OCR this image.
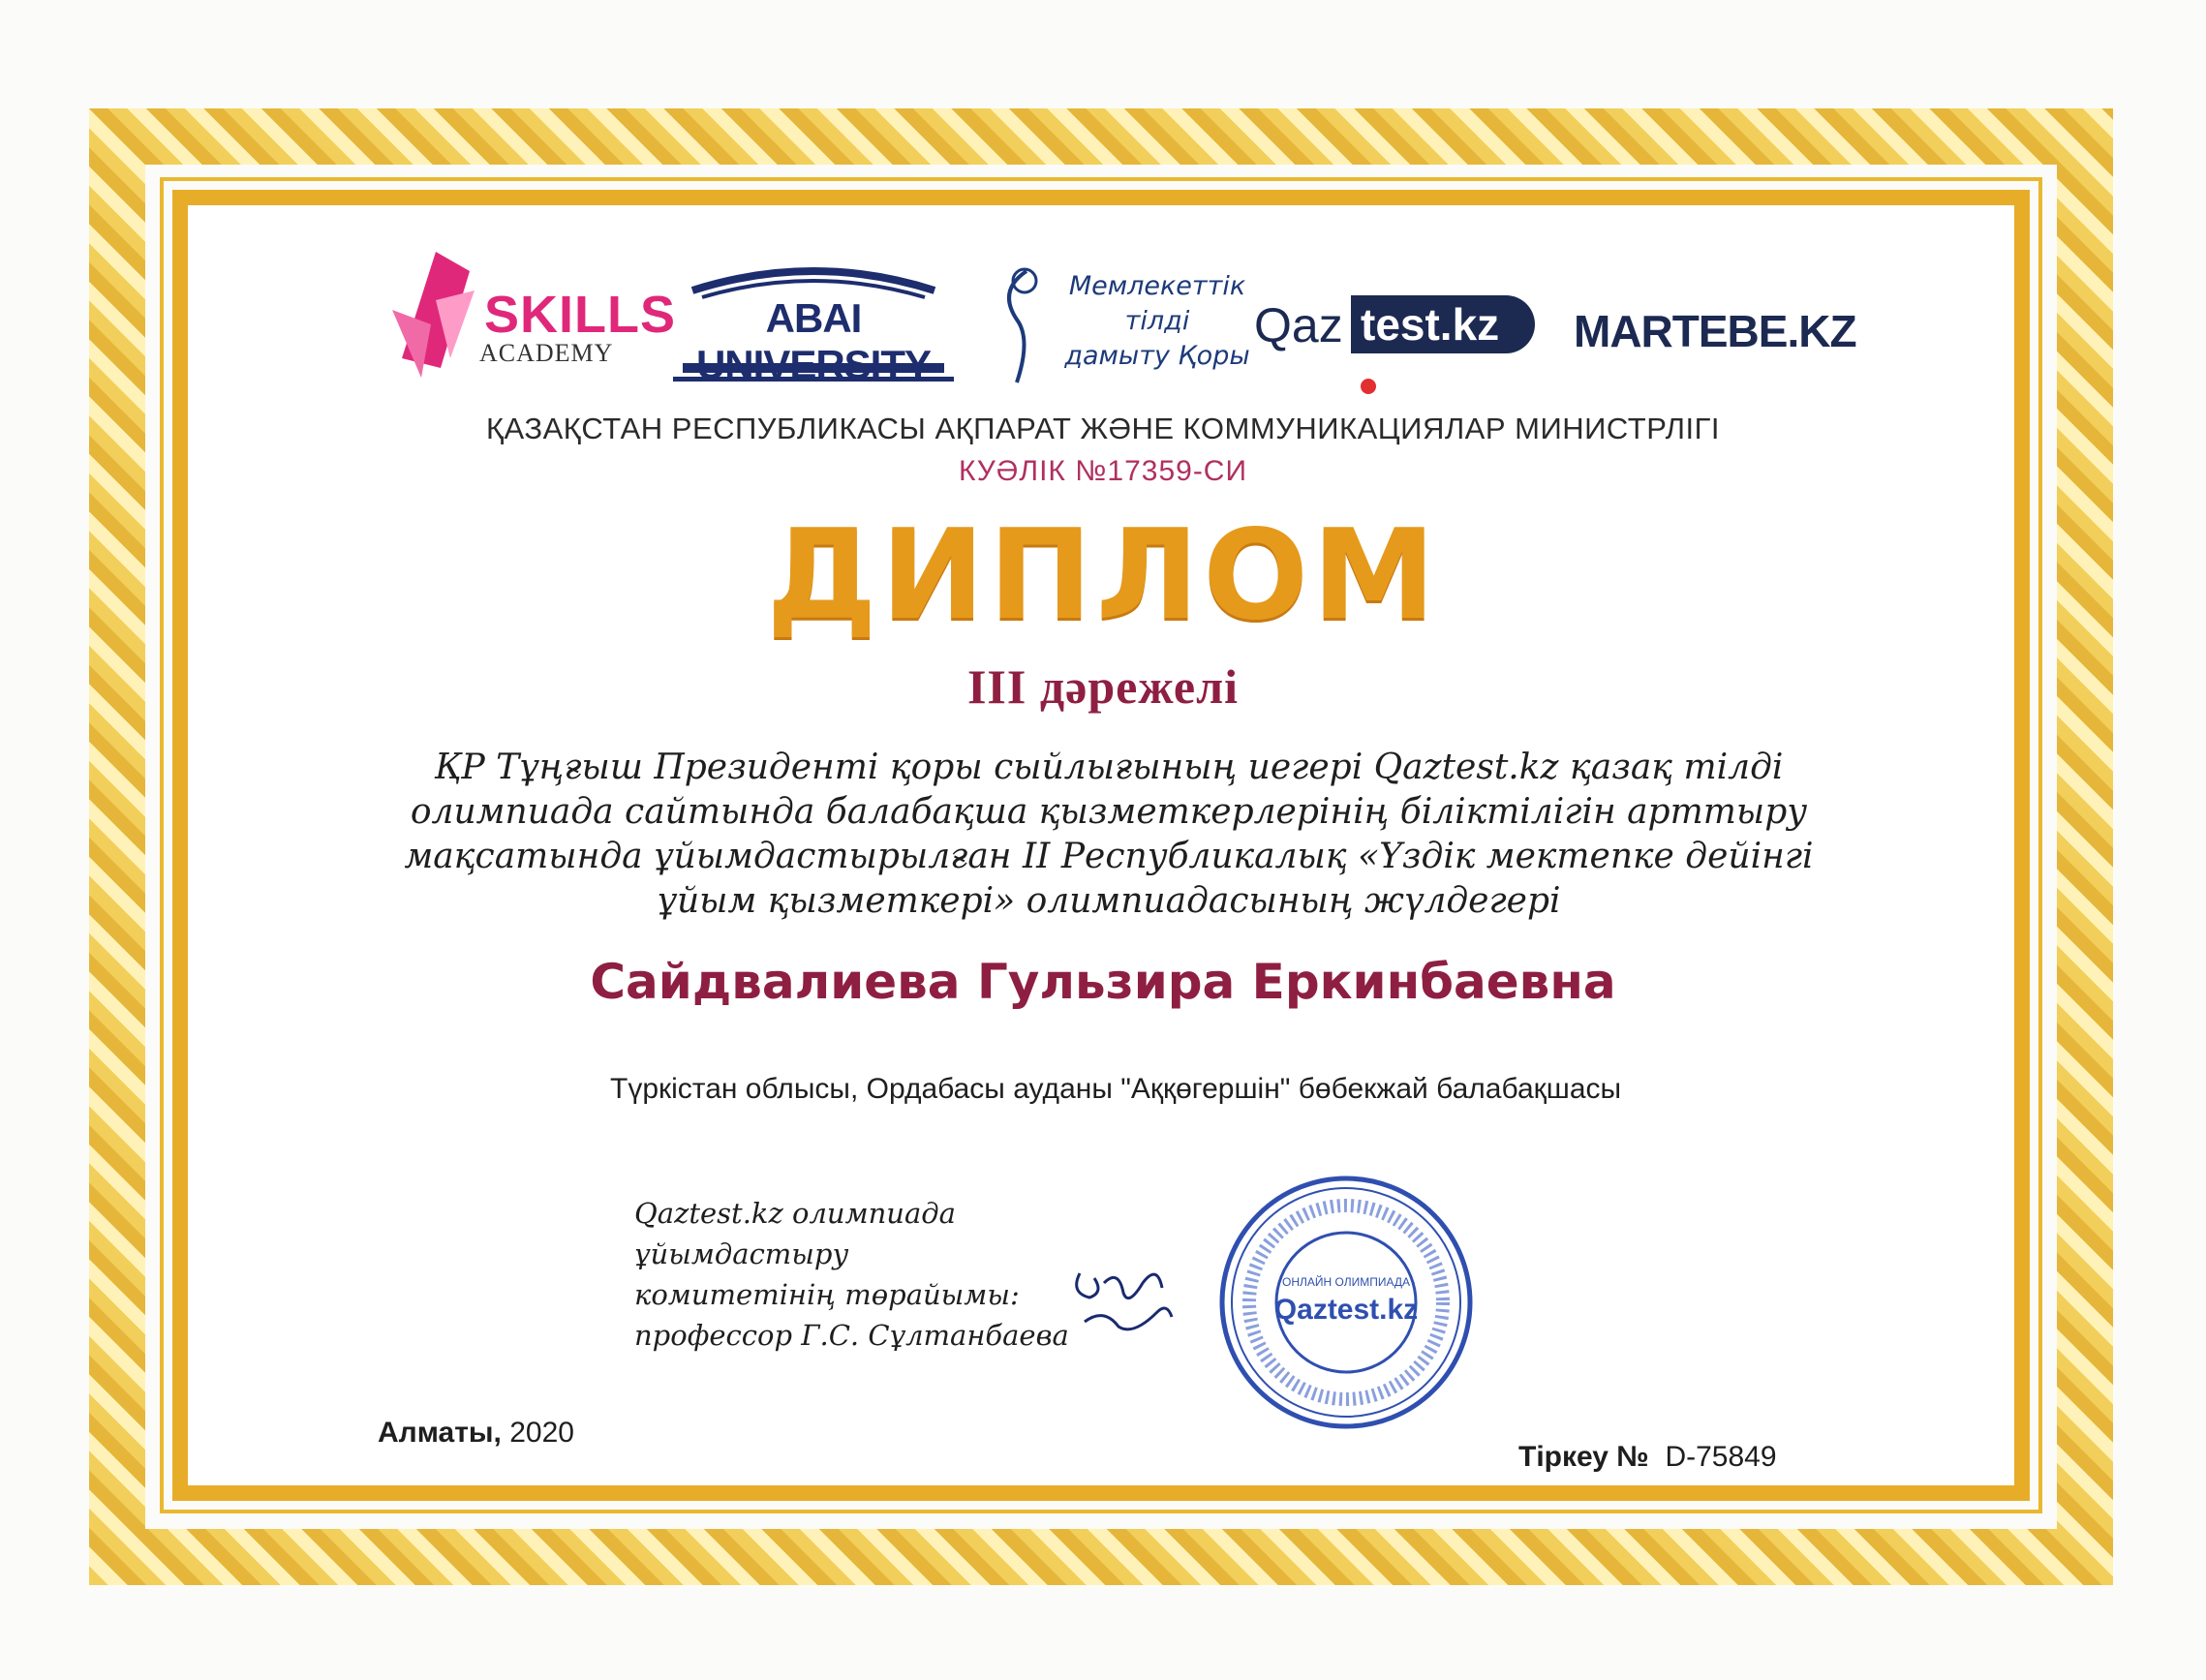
SKILLS
ACADEMY
ABAI UNIVERSITY
Мемлекеттік
тілді
дамыту Қоры
Qaz test.kz	MARTEBE.KZ
ҚАЗАҚСТАН РЕСПУБЛИКАСЫ АҚПАРАТ ЖӘНЕ КОММУНИКАЦИЯЛАР МИНИСТРЛІГІ
КУӘЛІК №17359-СИ
ДИПЛОМ
III дәрежелі
ҚР Тұңғыш Президенті қоры сыйлығының иегері Qaztest.kz қазақ тілді олимпиада сайтында балабақша қызметкерлерінің біліктілігін арттыру мақсатында ұйымдастырылған II Республикалық «Үздік мектепке дейінгі ұйым қызметкері» олимпиадасының жүлдегері
Сайдвалиева Гульзира Еркинбаевна
Түркістан облысы, Ордабасы ауданы "Аққөгершін" бөбекжай балабақшасы
Qaztest.kz олимпиада ұйымдастыру
комитетінің төрайымы:
профессор Г.С. Сұлтанбаева
ОНЛАЙН ОЛИМПИАДА
Qaztest.kz
Алматы, 2020
Тіркеу № D-75849
